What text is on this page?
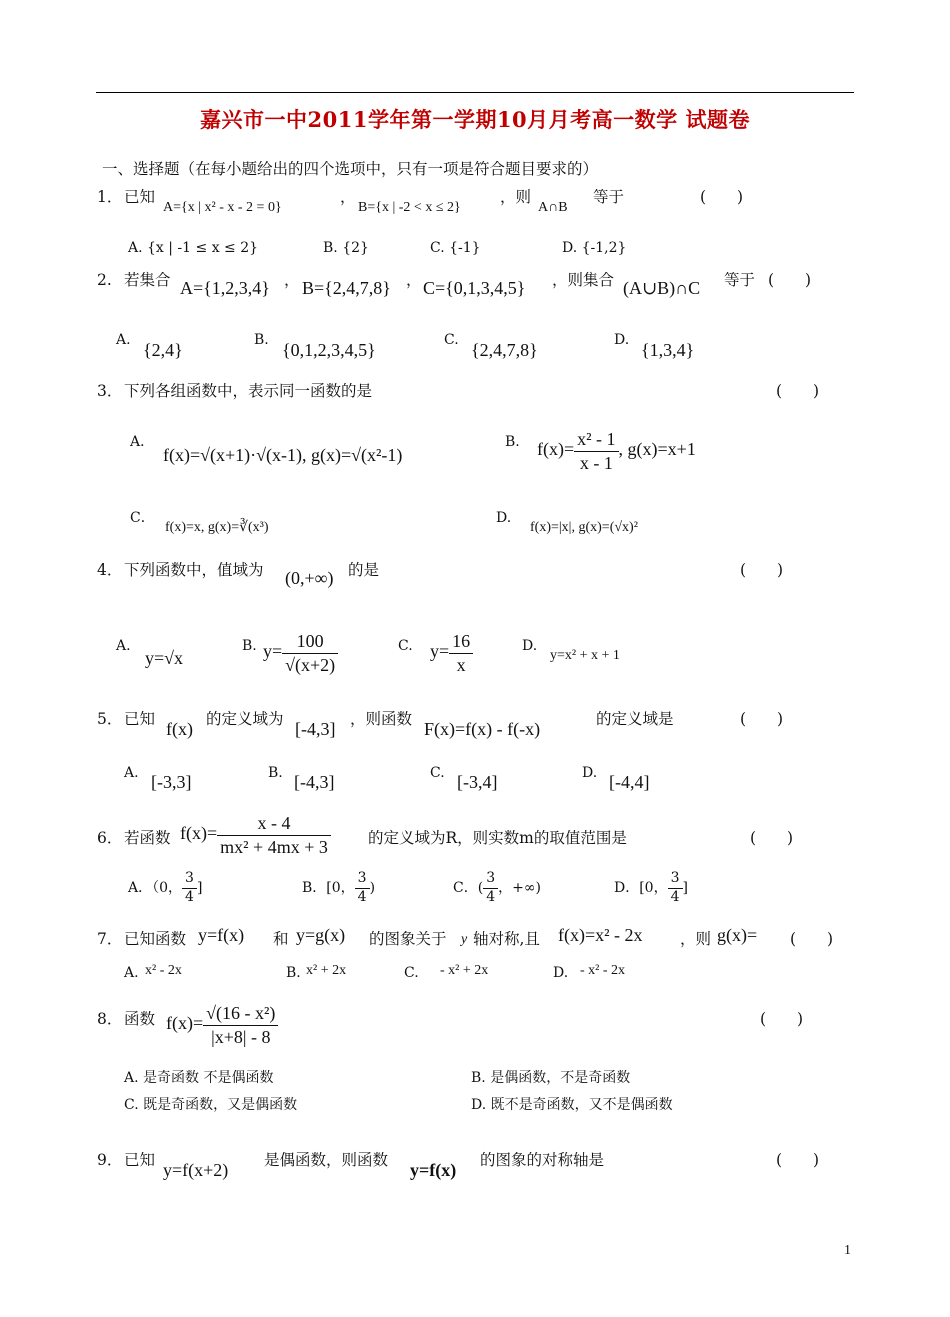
嘉兴市一中2011学年第一学期10月月考高一数学 试题卷
一、选择题（在每小题给出的四个选项中，只有一项是符合题目要求的）
1． 已知
A={x | x² - x - 2 = 0}
，
B={x | -2 < x ≤ 2}
，则
A∩B
等于	(　　)
A. {x | -1 ≤ x ≤ 2}	B. {2}	C. {-1}	D. {-1,2}
2. 若集合 A={1,2,3,4} ， B={2,4,7,8} ， C={0,1,3,4,5} ，则集合 (A∪B)∩C 等于 (　　)
A. {2,4}	B. {0,1,2,3,4,5}	C. {2,4,7,8}	D. {1,3,4}
3． 下列各组函数中，表示同一函数的是	(　　)
A．
f(x)=√(x+1)·√(x-1), g(x)=√(x²-1)
B. $f(x)= \frac{\text{x² - 1}}{x - 1}$ , g(x)=x+1
C．
f(x)=x, g(x)=∛(x³)
D.
f(x)=|x|, g(x)=(√x)²
4． 下列函数中，值域为 (0,+∞) 的是	(　　)
A.
y=√x
B. $y= \frac{100}{√(x+2)}$	C. $y= \frac{16}{x}$	D.
y=x² + x + 1
5． 已知 f(x) 的定义域为 [-4,3] ，则函数 F(x)=f(x) - f(-x)	的定义域是	(　　)
A. [-3,3]	B. [-4,3]	C. [-3,4]	D. [-4,4]
6． 若函数 $f(x)= \frac{x - 4}{\text{mx² + 4mx + 3}}$ 的定义域为R，则实数m的取值范围是	(　　)
A．（0， $\frac{3}{4}$ ]	B．[0， $\frac{3}{4}$ )	C．( $\frac{3}{4}$ ，+∞)	D．[0， $\frac{3}{4}$ ]
7． 已知函数 y=f(x) 和 y=g(x) 的图象关于 y 轴对称,且 f(x)=x² - 2x ，则 g(x)= (　　)
A. x² - 2x	B. x² + 2x	C. - x² + 2x	D. - x² - 2x
8． 函数 $f(x)= \frac{\text{√(16 - x²)}}{|x+8| - 8}$	(　　)
A. 是奇函数 不是偶函数	B. 是偶函数，不是奇函数
C. 既是奇函数，又是偶函数	D. 既不是奇函数，又不是偶函数
9． 已知 y=f(x+2) 是偶函数，则函数 y=f(x) 的图象的对称轴是	(　　)
1
